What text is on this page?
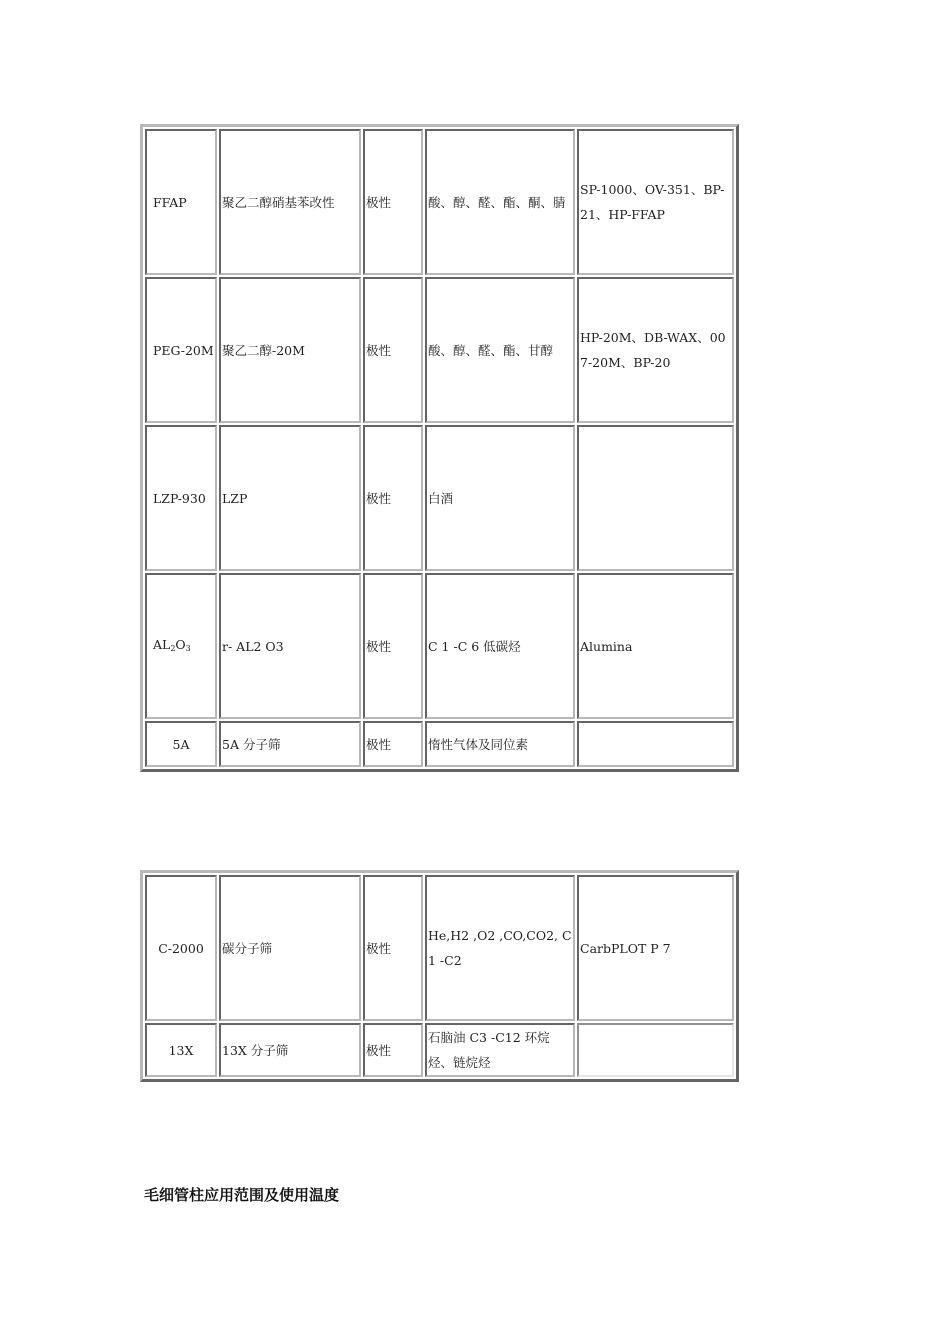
FFAP	聚乙二醇硝基苯改性	极性	酸、醇、醛、酯、酮、腈	SP-1000、OV-351、BP-21、HP-FFAP
PEG-20M	聚乙二醇-20M	极性	酸、醇、醛、酯、甘醇	HP-20M、DB-WAX、007-20M、BP-20
LZP-930	LZP	极性	白酒	
$AL_2O_3$	r- AL2 O3	极性	C 1 -C 6 低碳烃	Alumina
5A	5A 分子筛	极性	惰性气体及同位素	
C-2000	碳分子筛	极性	He,H2 ,O2 ,CO,CO2, C1 -C2	CarbPLOT P 7
13X	13X 分子筛	极性	石脑油 C3 -C12 环烷烃、链烷烃	
毛细管柱应用范围及使用温度
